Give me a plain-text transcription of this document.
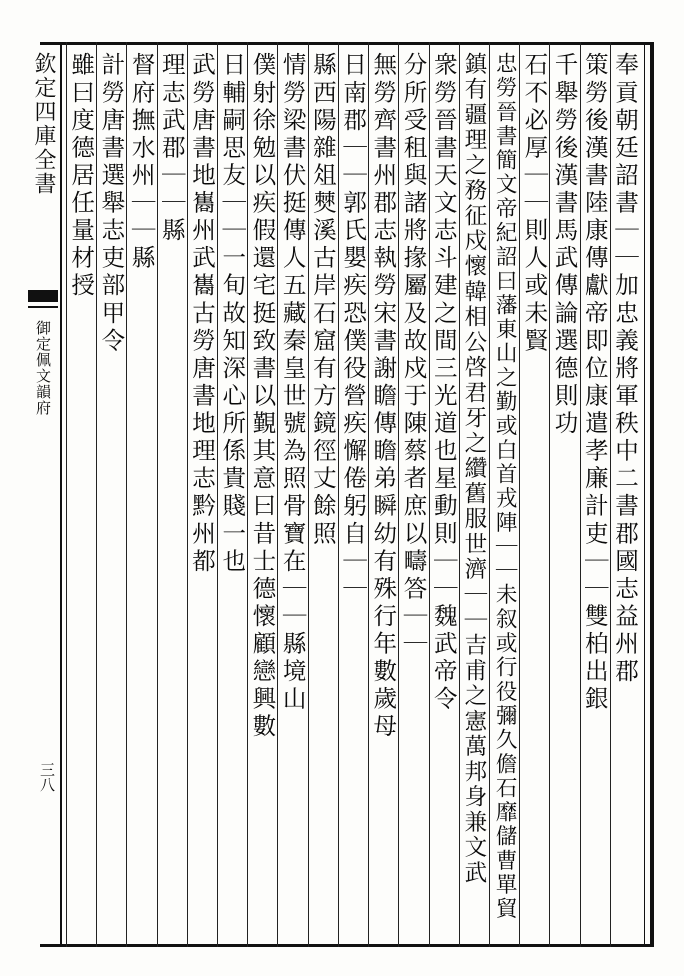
欽定四庫全書
御定佩文韻府
三八
奉貢朝廷詔書｜｜加忠義將軍秩中二書郡國志益州郡
策勞後漢書陸康傳獻帝即位康遣孝廉計吏｜｜雙柏出銀
千舉勞後漢書馬武傳論選德則功
石不必厚｜｜則人或未賢
忠勞晉書簡文帝紀詔曰藩東山之勤或白首戎陣｜｜未叙或行役彌久儋石靡儲曹單貿
鎮有疆理之務征戍懷韓相公啓君牙之纘舊服世濟｜｜吉甫之憲萬邦身兼文武
衆勞晉書天文志斗建之間三光道也星動則｜｜魏武帝令
分所受租與諸將掾屬及故戍于陳蔡者庶以疇答｜｜
無勞齊書州郡志執勞宋書謝瞻傳瞻弟瞬幼有殊行年數歲母
日南郡｜｜郭氏嬰疾恐僕役營疾懈倦躬自｜｜
縣西陽雜俎僰溪古岸石窟有方鏡徑丈餘照
情勞梁書伏挺傳人五藏秦皇世號為照骨寶在｜｜縣境山
僕射徐勉以疾假還宅挺致書以覲其意曰昔士德懷顧戀興數
日輔嗣思友｜｜一旬故知深心所係貴賤一也
武勞唐書地巂州武巂古勞唐書地理志黔州都
理志武郡｜｜縣
督府撫水州｜｜縣
計勞唐書選舉志吏部甲令
雖曰度德居任量材授
